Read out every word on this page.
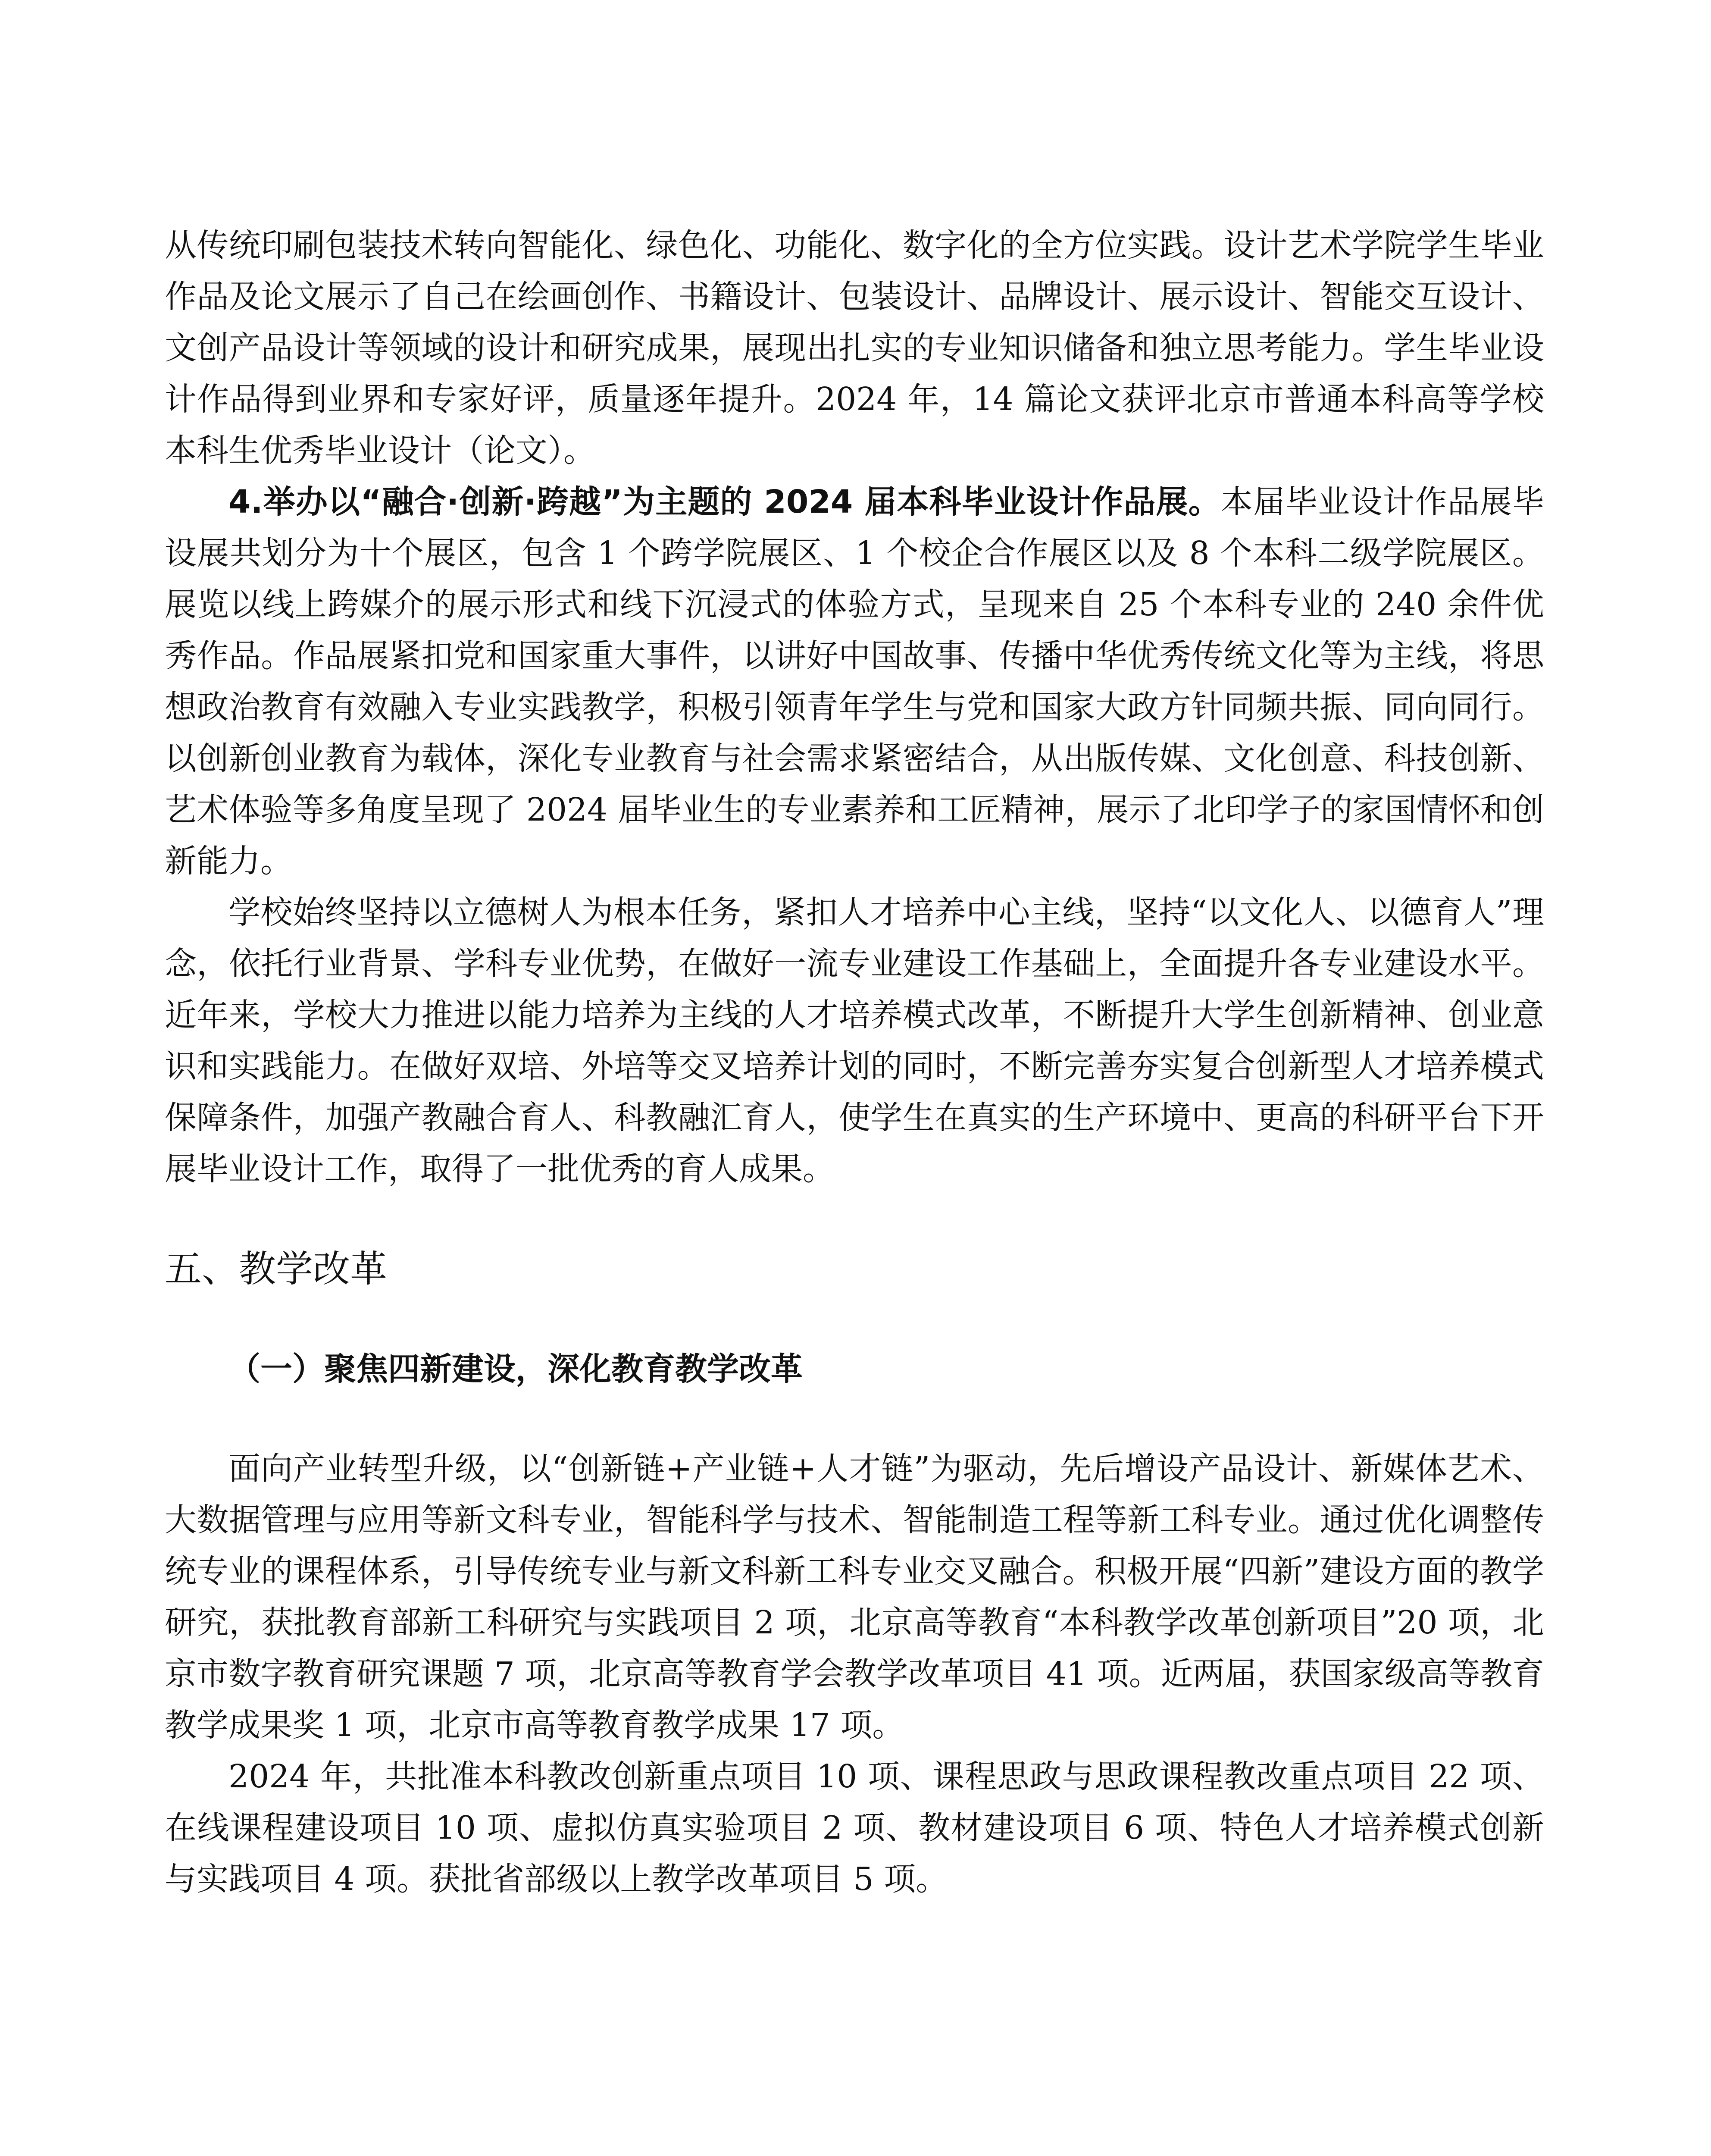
从传统印刷包装技术转向智能化、绿色化、功能化、数字化的全方位实践。设计艺术学院学生毕业作品及论文展示了自己在绘画创作、书籍设计、包装设计、品牌设计、展示设计、智能交互设计、文创产品设计等领域的设计和研究成果，展现出扎实的专业知识储备和独立思考能力。学生毕业设计作品得到业界和专家好评，质量逐年提升。2024 年，14 篇论文获评北京市普通本科高等学校本科生优秀毕业设计（论文）。

4.举办以“融合·创新·跨越”为主题的 2024 届本科毕业设计作品展。本届毕业设计作品展毕设展共划分为十个展区，包含 1 个跨学院展区、1 个校企合作展区以及 8 个本科二级学院展区。展览以线上跨媒介的展示形式和线下沉浸式的体验方式，呈现来自 25 个本科专业的 240 余件优秀作品。作品展紧扣党和国家重大事件，以讲好中国故事、传播中华优秀传统文化等为主线，将思想政治教育有效融入专业实践教学，积极引领青年学生与党和国家大政方针同频共振、同向同行。以创新创业教育为载体，深化专业教育与社会需求紧密结合，从出版传媒、文化创意、科技创新、艺术体验等多角度呈现了 2024 届毕业生的专业素养和工匠精神，展示了北印学子的家国情怀和创新能力。

学校始终坚持以立德树人为根本任务，紧扣人才培养中心主线，坚持“以文化人、以德育人”理念，依托行业背景、学科专业优势，在做好一流专业建设工作基础上，全面提升各专业建设水平。近年来，学校大力推进以能力培养为主线的人才培养模式改革，不断提升大学生创新精神、创业意识和实践能力。在做好双培、外培等交叉培养计划的同时，不断完善夯实复合创新型人才培养模式保障条件，加强产教融合育人、科教融汇育人，使学生在真实的生产环境中、更高的科研平台下开展毕业设计工作，取得了一批优秀的育人成果。

五、教学改革
（一）聚焦四新建设，深化教育教学改革

面向产业转型升级，以“创新链+产业链+人才链”为驱动，先后增设产品设计、新媒体艺术、大数据管理与应用等新文科专业，智能科学与技术、智能制造工程等新工科专业。通过优化调整传统专业的课程体系，引导传统专业与新文科新工科专业交叉融合。积极开展“四新”建设方面的教学研究，获批教育部新工科研究与实践项目 2 项，北京高等教育“本科教学改革创新项目”20 项，北京市数字教育研究课题 7 项，北京高等教育学会教学改革项目 41 项。近两届，获国家级高等教育教学成果奖 1 项，北京市高等教育教学成果 17 项。

2024 年，共批准本科教改创新重点项目 10 项、课程思政与思政课程教改重点项目 22 项、在线课程建设项目 10 项、虚拟仿真实验项目 2 项、教材建设项目 6 项、特色人才培养模式创新与实践项目 4 项。获批省部级以上教学改革项目 5 项。
